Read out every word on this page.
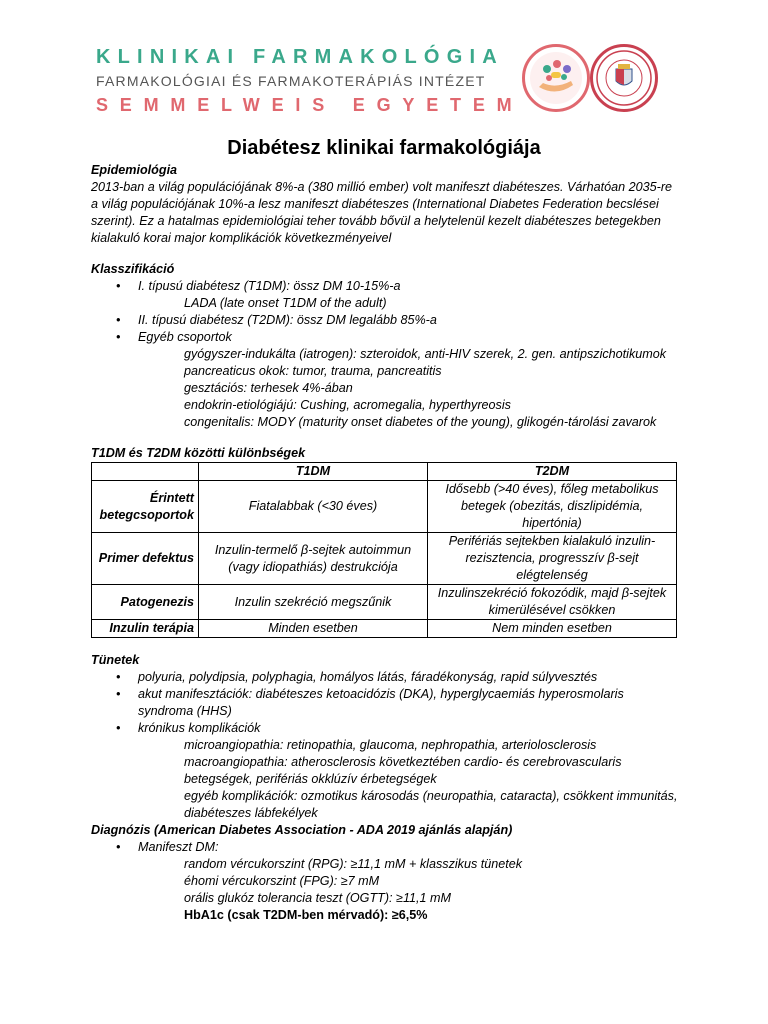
KLINIKAI FARMAKOLÓGIA
FARMAKOLÓGIAI ÉS FARMAKOTERÁPIÁS INTÉZET
SEMMELWEIS EGYETEM
Diabétesz klinikai farmakológiája
Epidemiológia
2013-ban a világ populációjának 8%-a (380 millió ember) volt manifeszt diabéteszes. Várhatóan 2035-re a világ populációjának 10%-a lesz manifeszt diabéteszes (International Diabetes Federation becslései szerint). Ez a hatalmas epidemiológiai teher tovább bővül a helytelenül kezelt diabéteszes betegekben kialakuló korai major komplikációk következményeivel
Klasszifikáció
• I. típusú diabétesz (T1DM): össz DM 10-15%-a
LADA (late onset T1DM of the adult)
• II. típusú diabétesz (T2DM): össz DM legalább 85%-a
• Egyéb csoportok
gyógyszer-indukálta (iatrogen): szteroidok, anti-HIV szerek, 2. gen. antipszichotikumok
pancreaticus okok: tumor, trauma, pancreatitis
gesztációs: terhesek 4%-ában
endokrin-etiológiájú: Cushing, acromegalia, hyperthyreosis
congenitalis: MODY (maturity onset diabetes of the young), glikogén-tárolási zavarok
T1DM és T2DM közötti különbségek
	T1DM	T2DM
Érintett betegcsoportok	Fiatalabbak (<30 éves)	Idősebb (>40 éves), főleg metabolikus betegek (obezitás, diszlipidémia, hipertónia)
Primer defektus	Inzulin-termelő β-sejtek autoimmun (vagy idiopathiás) destrukciója	Perifériás sejtekben kialakuló inzulin-rezisztencia, progresszív β-sejt elégtelenség
Patogenezis	Inzulin szekréció megszűnik	Inzulinszekréció fokozódik, majd β-sejtek kimerülésével csökken
Inzulin terápia	Minden esetben	Nem minden esetben
Tünetek
• polyuria, polydipsia, polyphagia, homályos látás, fáradékonyság, rapid súlyvesztés
• akut manifesztációk: diabéteszes ketoacidózis (DKA), hyperglycaemiás hyperosmolaris syndroma (HHS)
• krónikus komplikációk
microangiopathia: retinopathia, glaucoma, nephropathia, arteriolosclerosis
macroangiopathia: atherosclerosis következtében cardio- és cerebrovascularis betegségek, perifériás okklúzív érbetegségek
egyéb komplikációk: ozmotikus károsodás (neuropathia, cataracta), csökkent immunitás, diabéteszes lábfekélyek
Diagnózis (American Diabetes Association - ADA 2019 ajánlás alapján)
• Manifeszt DM:
random vércukorszint (RPG): ≥11,1 mM + klasszikus tünetek
éhomi vércukorszint (FPG): ≥7 mM
orális glukóz tolerancia teszt (OGTT): ≥11,1 mM
HbA1c (csak T2DM-ben mérvadó): ≥6,5%
